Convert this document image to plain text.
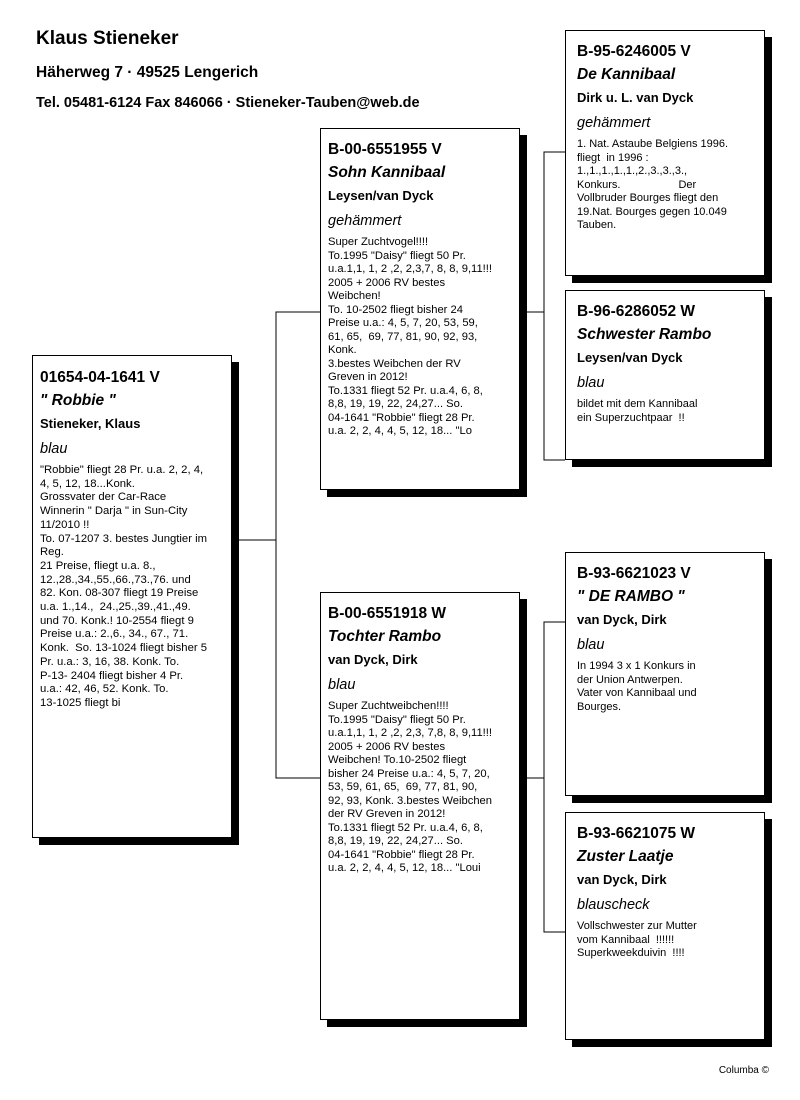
Klaus Stieneker
Häherweg 7 · 49525 Lengerich
Tel. 05481-6124 Fax 846066 · Stieneker-Tauben@web.de
01654-04-1641 V
" Robbie "
Stieneker, Klaus
blau
"Robbie" fliegt 28 Pr. u.a. 2, 2, 4,
4, 5, 12, 18...Konk.
Grossvater der Car-Race
Winnerin " Darja " in Sun-City
11/2010 !!
To. 07-1207 3. bestes Jungtier im
Reg.
21 Preise, fliegt u.a. 8.,
12.,28.,34.,55.,66.,73.,76. und
82. Kon. 08-307 fliegt 19 Preise
u.a. 1.,14.,  24.,25.,39.,41.,49.
und 70. Konk.! 10-2554 fliegt 9
Preise u.a.: 2.,6., 34., 67., 71.
Konk.  So. 13-1024 fliegt bisher 5
Pr. u.a.: 3, 16, 38. Konk. To.
P-13- 2404 fliegt bisher 4 Pr.
u.a.: 42, 46, 52. Konk. To.
13-1025 fliegt bi
B-00-6551955 V
Sohn Kannibaal
Leysen/van Dyck
gehämmert
Super Zuchtvogel!!!!
To.1995 "Daisy" fliegt 50 Pr.
u.a.1,1, 1, 2 ,2, 2,3,7, 8, 8, 9,11!!!
2005 + 2006 RV bestes
Weibchen!
To. 10-2502 fliegt bisher 24
Preise u.a.: 4, 5, 7, 20, 53, 59,
61, 65,  69, 77, 81, 90, 92, 93,
Konk.
3.bestes Weibchen der RV
Greven in 2012!
To.1331 fliegt 52 Pr. u.a.4, 6, 8,
8,8, 19, 19, 22, 24,27... So.
04-1641 "Robbie" fliegt 28 Pr.
u.a. 2, 2, 4, 4, 5, 12, 18... "Lo
B-00-6551918 W
Tochter Rambo
van Dyck, Dirk
blau
Super Zuchtweibchen!!!!
To.1995 "Daisy" fliegt 50 Pr.
u.a.1,1, 1, 2 ,2, 2,3, 7,8, 8, 9,11!!!
2005 + 2006 RV bestes
Weibchen! To.10-2502 fliegt
bisher 24 Preise u.a.: 4, 5, 7, 20,
53, 59, 61, 65,  69, 77, 81, 90,
92, 93, Konk. 3.bestes Weibchen
der RV Greven in 2012!
To.1331 fliegt 52 Pr. u.a.4, 6, 8,
8,8, 19, 19, 22, 24,27... So.
04-1641 "Robbie" fliegt 28 Pr.
u.a. 2, 2, 4, 4, 5, 12, 18... "Loui
B-95-6246005 V
De Kannibaal
Dirk u. L. van Dyck
gehämmert
1. Nat. Astaube Belgiens 1996.
fliegt  in 1996 :
1.,1.,1.,1.,1.,2.,3.,3.,3.,
Konkurs.                   Der
Vollbruder Bourges fliegt den
19.Nat. Bourges gegen 10.049
Tauben.
B-96-6286052 W
Schwester Rambo
Leysen/van Dyck
blau
bildet mit dem Kannibaal
ein Superzuchtpaar  !!
B-93-6621023 V
" DE RAMBO "
van Dyck, Dirk
blau
In 1994 3 x 1 Konkurs in
der Union Antwerpen.
Vater von Kannibaal und
Bourges.
B-93-6621075 W
Zuster Laatje
van Dyck, Dirk
blauscheck
Vollschwester zur Mutter
vom Kannibaal  !!!!!!
Superkweekduivin  !!!!
Columba ©
